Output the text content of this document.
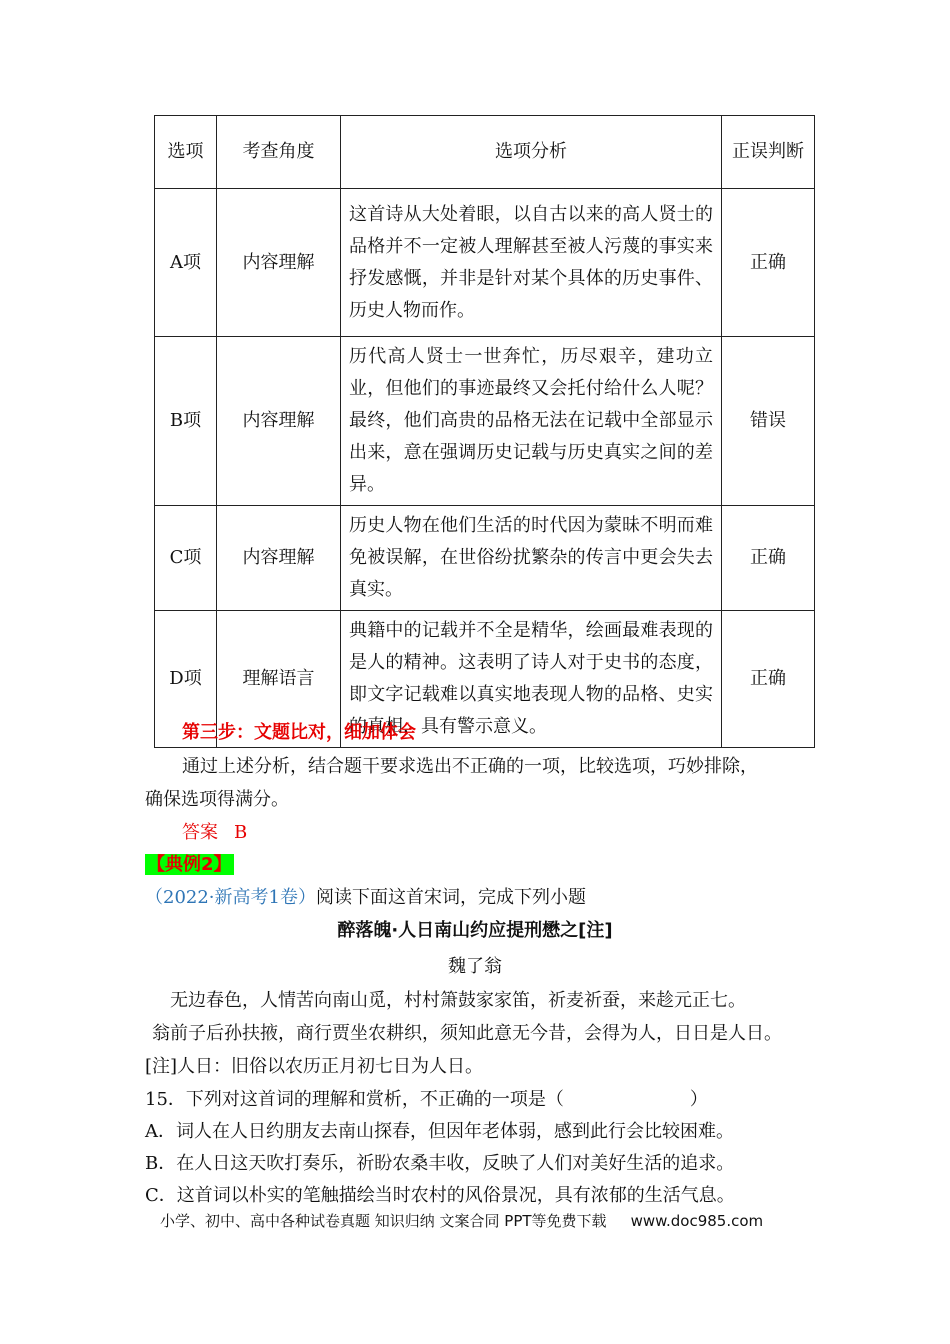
选项	考查角度	选项分析	正误判断
A项	内容理解	这首诗从大处着眼，以自古以来的高人贤士的品格并不一定被人理解甚至被人污蔑的事实来抒发感慨，并非是针对某个具体的历史事件、历史人物而作。	正确
B项	内容理解	历代高人贤士一世奔忙，历尽艰辛，建功立业，但他们的事迹最终又会托付给什么人呢？最终，他们高贵的品格无法在记载中全部显示出来，意在强调历史记载与历史真实之间的差异。	错误
C项	内容理解	历史人物在他们生活的时代因为蒙昧不明而难免被误解，在世俗纷扰繁杂的传言中更会失去真实。	正确
D项	理解语言	典籍中的记载并不全是精华，绘画最难表现的是人的精神。这表明了诗人对于史书的态度，即文字记载难以真实地表现人物的品格、史实的真相，具有警示意义。	正确
第三步：文题比对，细加体会
通过上述分析，结合题干要求选出不正确的一项，比较选项，巧妙排除，
确保选项得满分。
答案 B
【典例2】
（2022·新高考1卷）阅读下面这首宋词，完成下列小题
醉落魄·人日南山约应提刑懋之[注]
魏了翁
无边春色，人情苦向南山觅，村村箫鼓家家笛，祈麦祈蚕，来趁元正七。
翁前子后孙扶掖，商行贾坐农耕织，须知此意无今昔，会得为人，日日是人日。
[注]人日：旧俗以农历正月初七日为人日。
15．下列对这首词的理解和赏析，不正确的一项是（　　　　　　　）
A．词人在人日约朋友去南山探春，但因年老体弱，感到此行会比较困难。
B．在人日这天吹打奏乐，祈盼农桑丰收，反映了人们对美好生活的追求。
C．这首词以朴实的笔触描绘当时农村的风俗景况，具有浓郁的生活气息。
小学、初中、高中各种试卷真题 知识归纳 文案合同 PPT等免费下载 www.doc985.com
